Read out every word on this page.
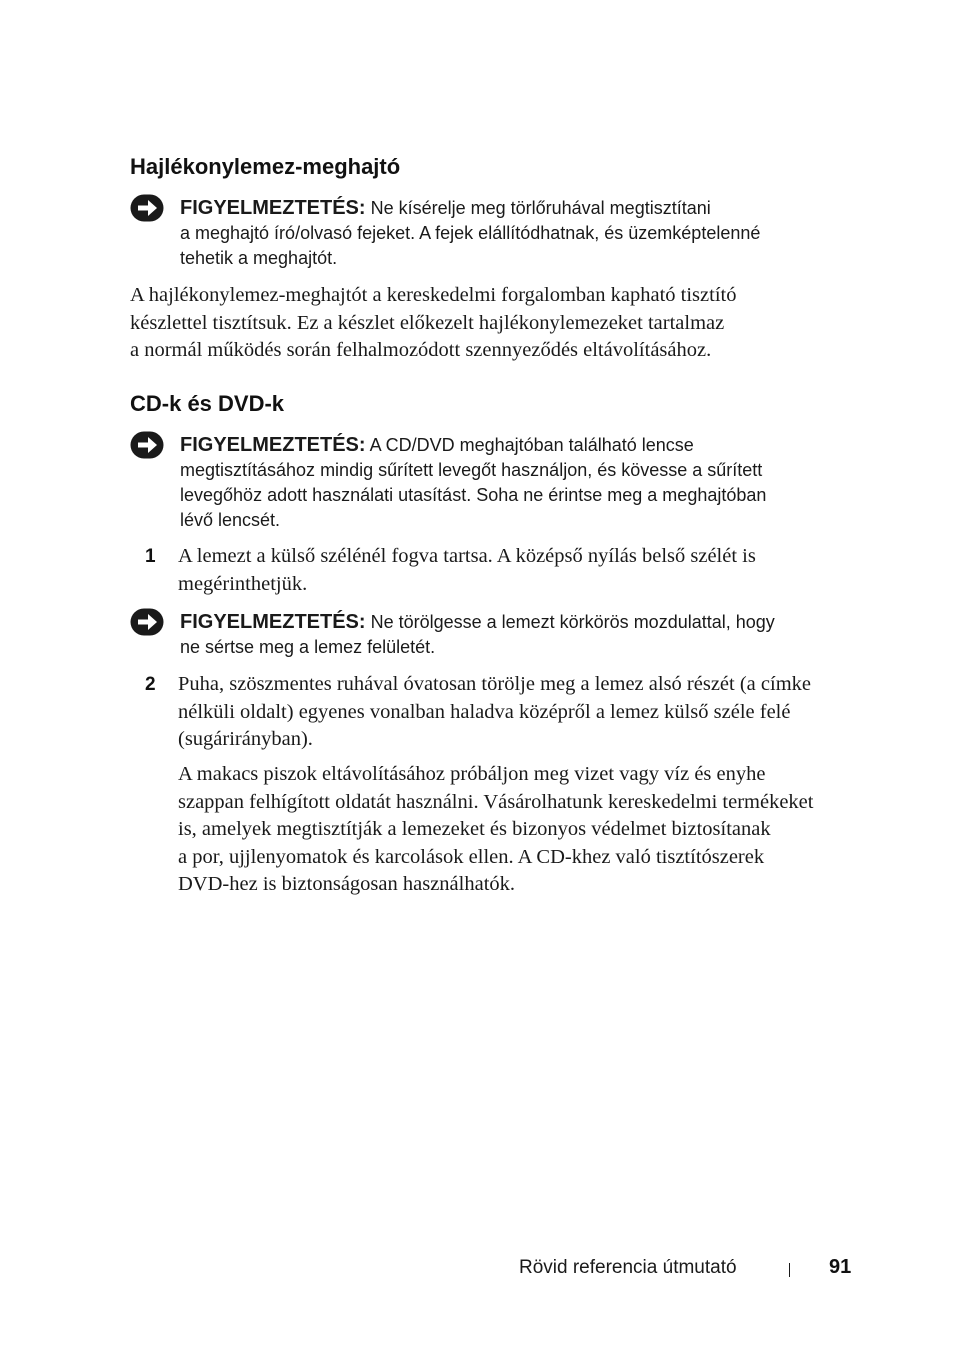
Hajlékonylemez-meghajtó
FIGYELMEZTETÉS: Ne kísérelje meg törlőruhával megtisztítani
a meghajtó író/olvasó fejeket. A fejek elállítódhatnak, és üzemképtelenné
tehetik a meghajtót.
A hajlékonylemez-meghajtót a kereskedelmi forgalomban kapható tisztító
készlettel tisztítsuk. Ez a készlet előkezelt hajlékonylemezeket tartalmaz
a normál működés során felhalmozódott szennyeződés eltávolításához.
CD-k és DVD-k
FIGYELMEZTETÉS: A CD/DVD meghajtóban található lencse
megtisztításához mindig sűrített levegőt használjon, és kövesse a sűrített
levegőhöz adott használati utasítást. Soha ne érintse meg a meghajtóban
lévő lencsét.
1 A lemezt a külső szélénél fogva tartsa. A középső nyílás belső szélét is
megérinthetjük.
FIGYELMEZTETÉS: Ne törölgesse a lemezt körkörös mozdulattal, hogy
ne sértse meg a lemez felületét.
2 Puha, szöszmentes ruhával óvatosan törölje meg a lemez alsó részét (a címke
nélküli oldalt) egyenes vonalban haladva középről a lemez külső széle felé
(sugárirányban).
A makacs piszok eltávolításához próbáljon meg vizet vagy víz és enyhe
szappan felhígított oldatát használni. Vásárolhatunk kereskedelmi termékeket
is, amelyek megtisztítják a lemezeket és bizonyos védelmet biztosítanak
a por, ujjlenyomatok és karcolások ellen. A CD-khez való tisztítószerek
DVD-hez is biztonságosan használhatók.
Rövid referencia útmutató	91
